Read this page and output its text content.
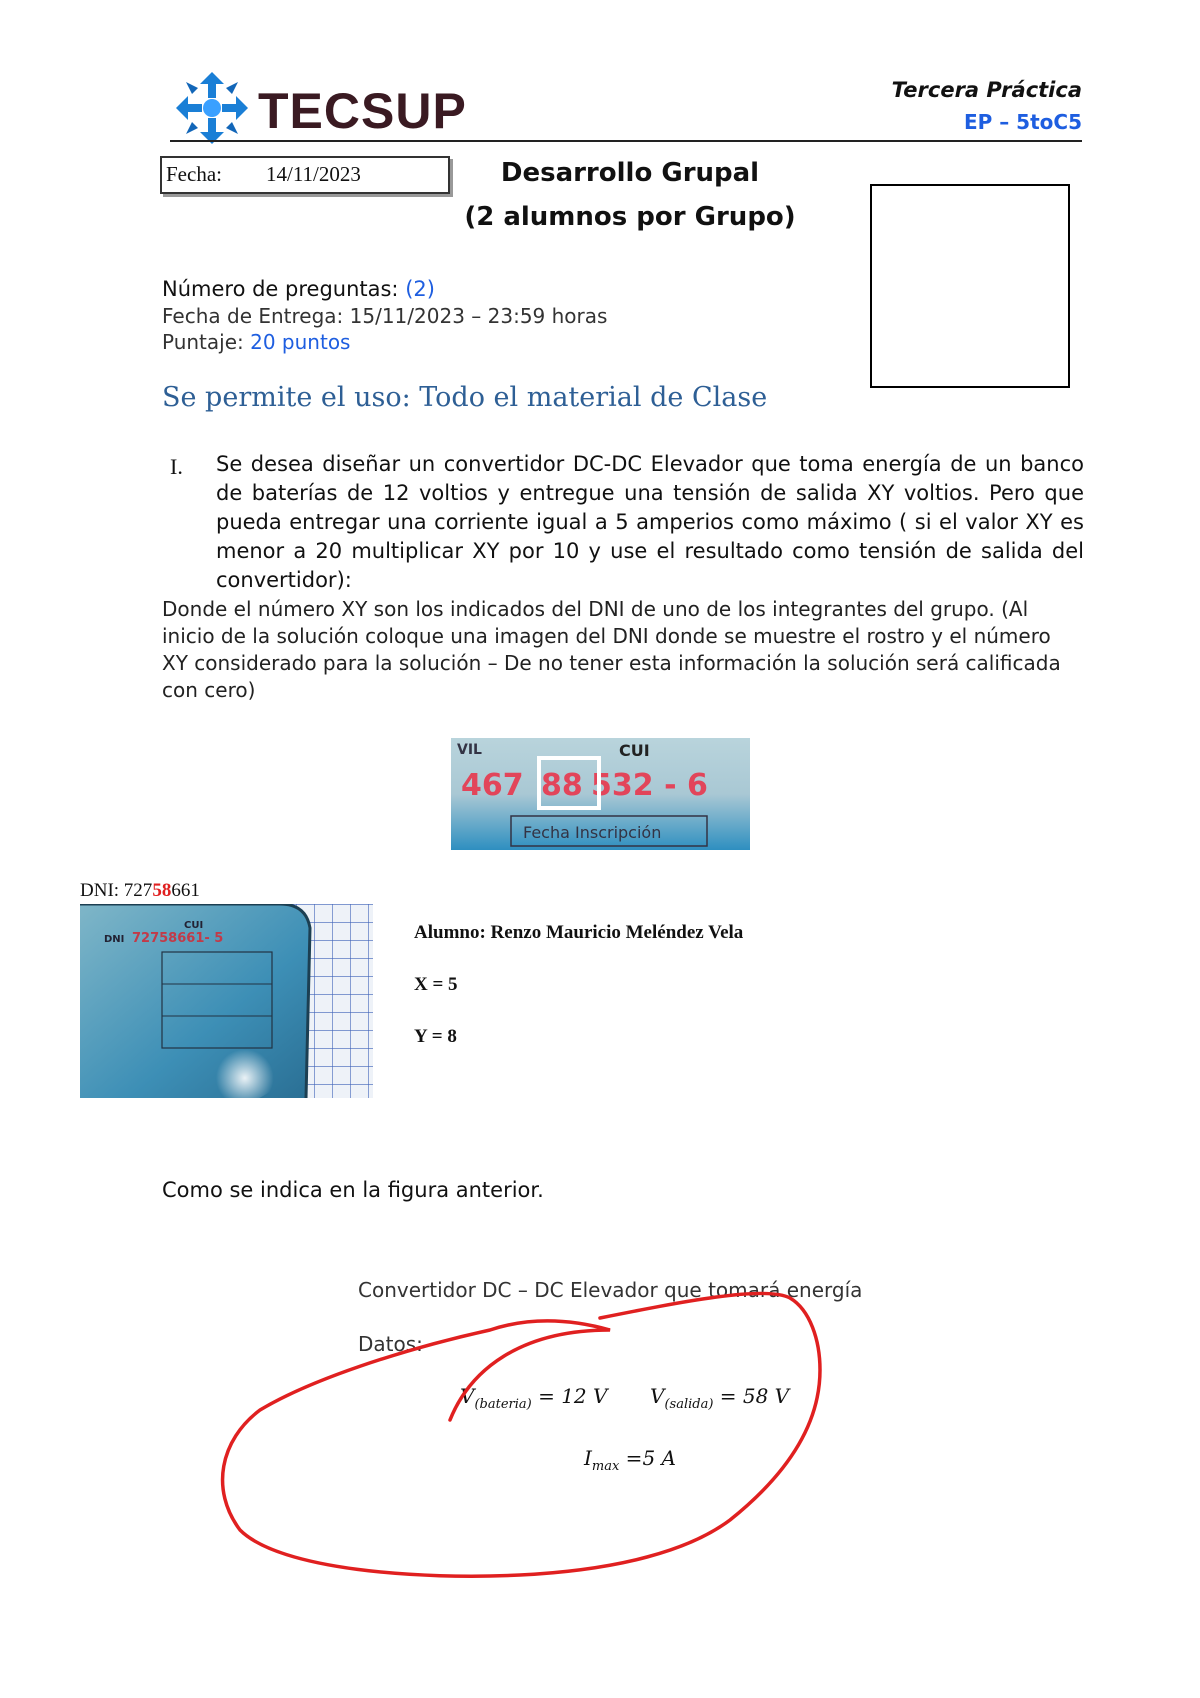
TECSUP	Tercera Práctica
EP – 5toC5
Fecha: 14/11/2023	Desarrollo Grupal
(2 alumnos por Grupo)
Número de preguntas: (2)
Fecha de Entrega: 15/11/2023 – 23:59 horas
Puntaje: 20 puntos
Se permite el uso: Todo el material de Clase
I. Se desea diseñar un convertidor DC-DC Elevador que toma energía de un banco de baterías de 12 voltios y entregue una tensión de salida XY voltios. Pero que pueda entregar una corriente igual a 5 amperios como máximo ( si el valor XY es menor a 20 multiplicar XY por 10 y use el resultado como tensión de salida del convertidor):
Donde el número XY son los indicados del DNI de uno de los integrantes del grupo. (Al inicio de la solución coloque una imagen del DNI donde se muestre el rostro y el número XY considerado para la solución – De no tener esta información la solución será calificada con cero)
VIL	CUI
467 88 532 - 6
Fecha Inscripción
DNI: 72758661
CUI
DNI 72758661- 5	Alumno: Renzo Mauricio Meléndez Vela
X = 5
Y = 8
Como se indica en la figura anterior.
Convertidor DC – DC Elevador que tomará energía
Datos:
$V_{(bateria)} = 12$ V $V_{(salida)} = 58$ V
$I_{max} =5$ A
